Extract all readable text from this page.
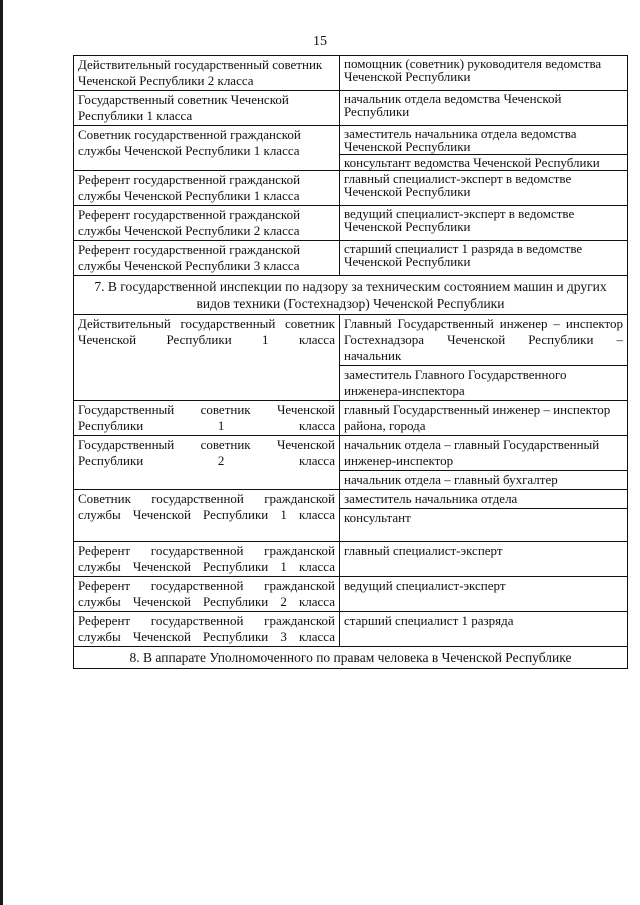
15
Действительный государственный советник Чеченской Республики 2 класса	помощник (советник) руководителя ведомства Чеченской Республики
Государственный советник Чеченской Республики 1 класса	начальник отдела ведомства Чеченской Республики
Советник государственной гражданской службы Чеченской Республики 1 класса	заместитель начальника отдела ведомства Чеченской Республики
	консультант ведомства Чеченской Республики
Референт государственной гражданской службы Чеченской Республики 1 класса	главный специалист-эксперт в ведомстве Чеченской Республики
Референт государственной гражданской службы Чеченской Республики 2 класса	ведущий специалист-эксперт в ведомстве Чеченской Республики
Референт государственной гражданской службы Чеченской Республики 3 класса	старший специалист 1 разряда в ведомстве Чеченской Республики
7. В государственной инспекции по надзору за техническим состоянием машин и других видов техники (Гостехнадзор) Чеченской Республики	
Действительный государственный советник Чеченской Республики 1 класса	Главный Государственный инженер – инспектор Гостехнадзора Чеченской Республики – начальник
	заместитель Главного Государственного инженера-инспектора
Государственный советник Чеченской Республики 1 класса	главный Государственный инженер – инспектор района, города
Государственный советник Чеченской Республики 2 класса	начальник отдела – главный Государственный инженер-инспектор
	начальник отдела – главный бухгалтер
Советник государственной гражданской службы Чеченской Республики 1 класса	заместитель начальника отдела
	консультант
Референт государственной гражданской службы Чеченской Республики 1 класса	главный специалист-эксперт
Референт государственной гражданской службы Чеченской Республики 2 класса	ведущий специалист-эксперт
Референт государственной гражданской службы Чеченской Республики 3 класса	старший специалист 1 разряда
8. В аппарате Уполномоченного по правам человека в Чеченской Республике	
